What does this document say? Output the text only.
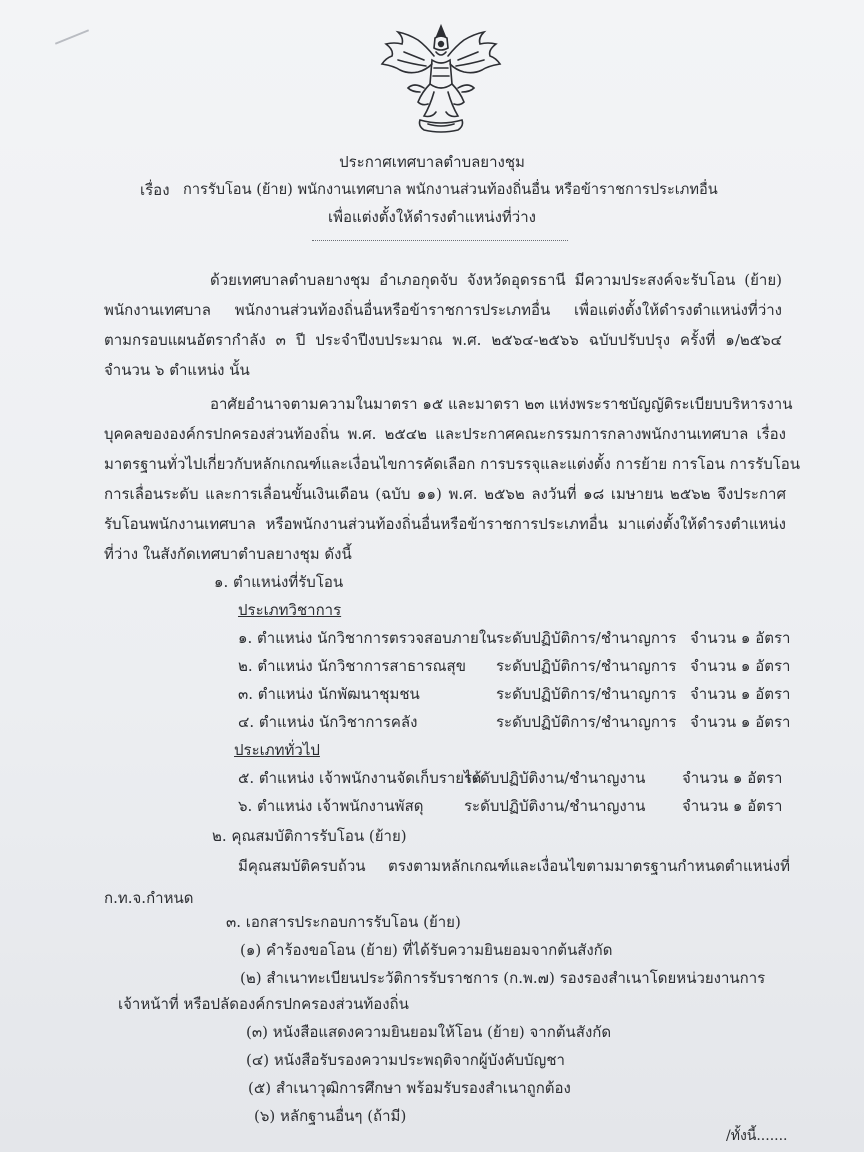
ประกาศเทศบาลตำบลยางชุม
เรื่อง การรับโอน (ย้าย) พนักงานเทศบาล พนักงานส่วนท้องถิ่นอื่น หรือข้าราชการประเภทอื่น
เพื่อแต่งตั้งให้ดำรงตำแหน่งที่ว่าง
ด้วยเทศบาลตำบลยางชุม อำเภอกุดจับ จังหวัดอุดรธานี มีความประสงค์จะรับโอน (ย้าย)
พนักงานเทศบาล พนักงานส่วนท้องถิ่นอื่นหรือข้าราชการประเภทอื่น เพื่อแต่งตั้งให้ดำรงตำแหน่งที่ว่าง
ตามกรอบแผนอัตรากำลัง ๓ ปี ประจำปีงบประมาณ พ.ศ. ๒๕๖๔-๒๕๖๖ ฉบับปรับปรุง ครั้งที่ ๑/๒๕๖๔
จำนวน ๖ ตำแหน่ง นั้น
อาศัยอำนาจตามความในมาตรา ๑๕ และมาตรา ๒๓ แห่งพระราชบัญญัติระเบียบบริหารงาน
บุคคลขององค์กรปกครองส่วนท้องถิ่น พ.ศ. ๒๕๔๒ และประกาศคณะกรรมการกลางพนักงานเทศบาล เรื่อง
มาตรฐานทั่วไปเกี่ยวกับหลักเกณฑ์และเงื่อนไขการคัดเลือก การบรรจุและแต่งตั้ง การย้าย การโอน การรับโอน
การเลื่อนระดับ และการเลื่อนขั้นเงินเดือน (ฉบับ ๑๑) พ.ศ. ๒๕๖๒ ลงวันที่ ๑๘ เมษายน ๒๕๖๒ จึงประกาศ
รับโอนพนักงานเทศบาล หรือพนักงานส่วนท้องถิ่นอื่นหรือข้าราชการประเภทอื่น มาแต่งตั้งให้ดำรงตำแหน่ง
ที่ว่าง ในสังกัดเทศบาตำบลยางชุม ดังนี้
๑. ตำแหน่งที่รับโอน
ประเภทวิชาการ
๑. ตำแหน่ง นักวิชาการตรวจสอบภายใน ระดับปฏิบัติการ/ชำนาญการ จำนวน ๑ อัตรา
๒. ตำแหน่ง นักวิชาการสาธารณสุข ระดับปฏิบัติการ/ชำนาญการ จำนวน ๑ อัตรา
๓. ตำแหน่ง นักพัฒนาชุมชน	ระดับปฏิบัติการ/ชำนาญการ จำนวน ๑ อัตรา
๔. ตำแหน่ง นักวิชาการคลัง	ระดับปฏิบัติการ/ชำนาญการ จำนวน ๑ อัตรา
ประเภททั่วไป
๕. ตำแหน่ง เจ้าพนักงานจัดเก็บรายได้
ระดับปฏิบัติงาน/ชำนาญงาน จำนวน ๑ อัตรา
๖. ตำแหน่ง เจ้าพนักงานพัสดุ	ระดับปฏิบัติงาน/ชำนาญงาน จำนวน ๑ อัตรา
๒. คุณสมบัติการรับโอน (ย้าย)
มีคุณสมบัติครบถ้วน ตรงตามหลักเกณฑ์และเงื่อนไขตามมาตรฐานกำหนดตำแหน่งที่
ก.ท.จ.กำหนด
๓. เอกสารประกอบการรับโอน (ย้าย)
(๑) คำร้องขอโอน (ย้าย) ที่ได้รับความยินยอมจากต้นสังกัด
(๒) สำเนาทะเบียนประวัติการรับราชการ (ก.พ.๗) รองรองสำเนาโดยหน่วยงานการ
เจ้าหน้าที่ หรือปลัดองค์กรปกครองส่วนท้องถิ่น
(๓) หนังสือแสดงความยินยอมให้โอน (ย้าย) จากต้นสังกัด
(๔) หนังสือรับรองความประพฤติจากผู้บังคับบัญชา
(๕) สำเนาวุฒิการศึกษา พร้อมรับรองสำเนาถูกต้อง
(๖) หลักฐานอื่นๆ (ถ้ามี)
/ทั้งนี้.......
